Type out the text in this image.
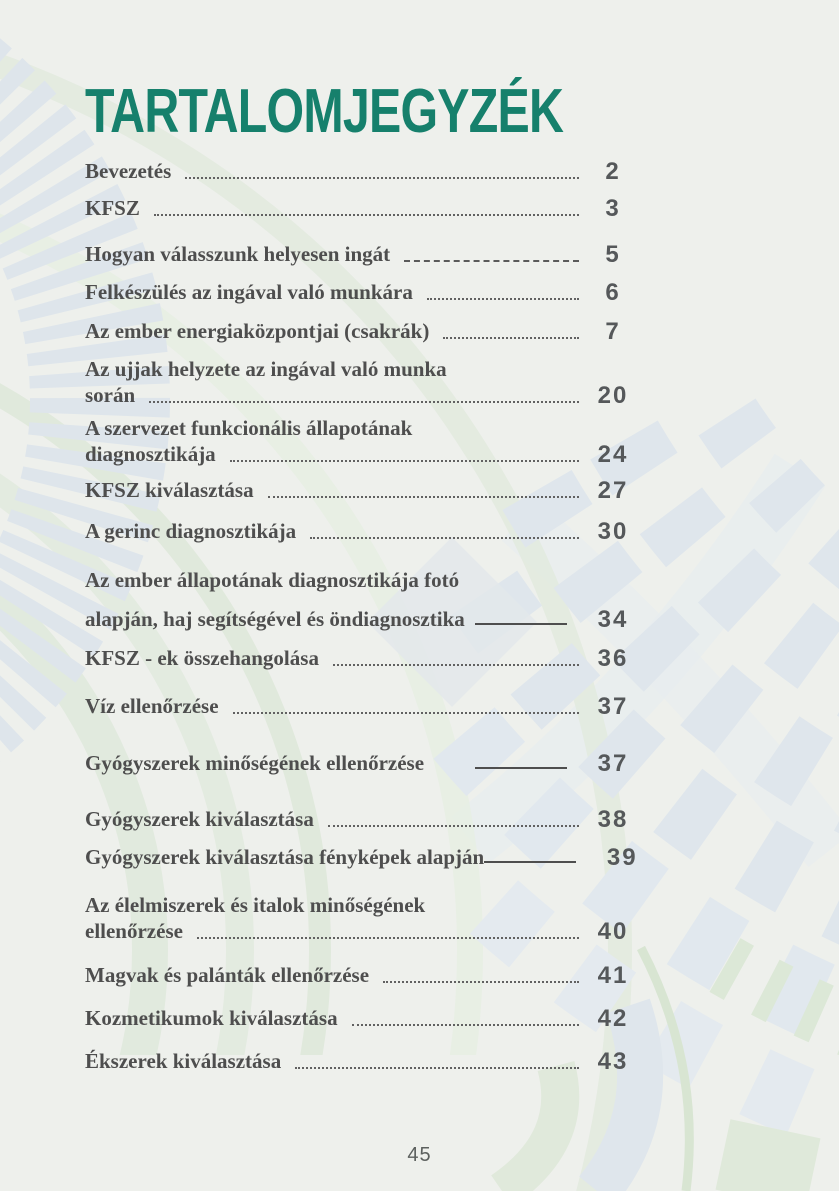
TARTALOMJEGYZÉK
Bevezetés	2
KFSZ	3
Hogyan válasszunk helyesen ingát	5
Felkészülés az ingával való munkára	6
Az ember energiaközpontjai (csakrák)	7
Az ujjak helyzete az ingával való munka
során	20
A szervezet funkcionális állapotának
diagnosztikája	24
KFSZ kiválasztása	27
A gerinc diagnosztikája	30
Az ember állapotának diagnosztikája fotó
alapján, haj segítségével és öndiagnosztika	34
KFSZ - ek összehangolása	36
Víz ellenőrzése	37
Gyógyszerek minőségének ellenőrzése	37
Gyógyszerek kiválasztása	38
Gyógyszerek kiválasztása fényképek alapján	39
Az élelmiszerek és italok minőségének
ellenőrzése	40
Magvak és palánták ellenőrzése	41
Kozmetikumok kiválasztása	42
Ékszerek kiválasztása	43
45
